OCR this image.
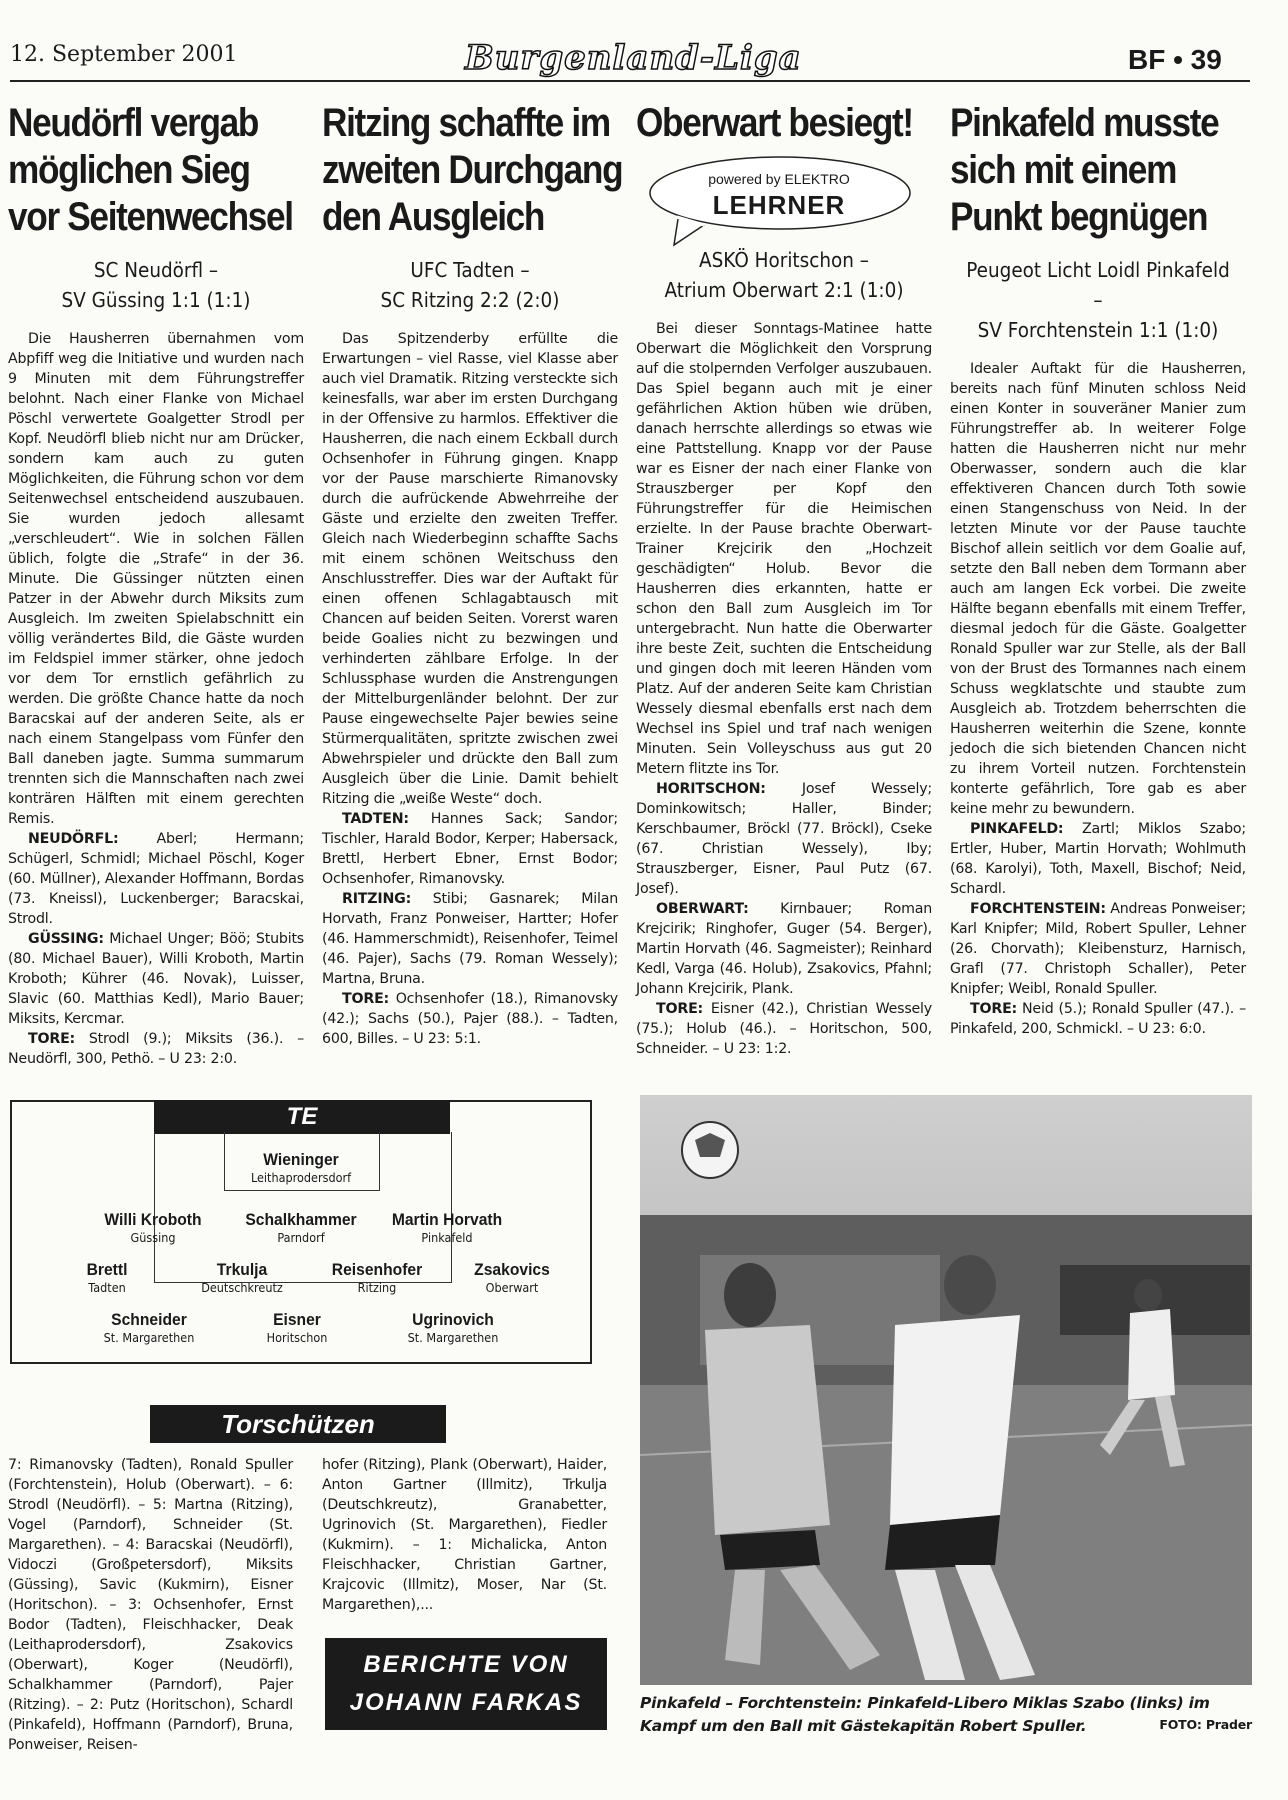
12. September 2001	Burgenland-Liga	BF • 39
Neudörfl vergab
möglichen Sieg
vor Seitenwechsel
SC Neudörfl –
SV Güssing 1:1 (1:1)

Die Hausherren übernahmen vom Abpfiff weg die Initiative und wurden nach 9 Minuten mit dem Führungstreffer belohnt. Nach einer Flanke von Michael Pöschl verwertete Goalgetter Strodl per Kopf. Neudörfl blieb nicht nur am Drücker, sondern kam auch zu guten Möglichkeiten, die Führung schon vor dem Seitenwechsel entscheidend auszubauen. Sie wurden jedoch allesamt „verschleudert“. Wie in solchen Fällen üblich, folgte die „Strafe“ in der 36. Minute. Die Güssinger nützten einen Patzer in der Abwehr durch Miksits zum Ausgleich. Im zweiten Spielabschnitt ein völlig verändertes Bild, die Gäste wurden im Feldspiel immer stärker, ohne jedoch vor dem Tor ernstlich gefährlich zu werden. Die größte Chance hatte da noch Baracskai auf der anderen Seite, als er nach einem Stangelpass vom Fünfer den Ball daneben jagte. Summa summarum trennten sich die Mannschaften nach zwei konträren Hälften mit einem gerechten Remis.

NEUDÖRFL:	Aberl; Hermann; Schügerl, Schmidl; Michael Pöschl, Koger (60. Müllner), Alexander Hoffmann, Bordas (73. Kneissl), Luckenberger; Baracskai, Strodl.

GÜSSING: Michael Unger; Böö; Stubits (80. Michael Bauer), Willi Kroboth, Martin Kroboth; Kührer (46. Novak), Luisser, Slavic (60. Matthias Kedl), Mario Bauer; Miksits, Kercmar.

TORE: Strodl (9.); Miksits (36.). – Neudörfl, 300, Pethö. – U 23: 2:0.

Ritzing schaffte im
zweiten Durchgang
den Ausgleich
UFC Tadten –
SC Ritzing 2:2 (2:0)

Das Spitzenderby erfüllte die Erwartungen – viel Rasse, viel Klasse aber auch viel Dramatik. Ritzing versteckte sich keinesfalls, war aber im ersten Durchgang in der Offensive zu harmlos. Effektiver die Hausherren, die nach einem Eckball durch Ochsenhofer in Führung gingen. Knapp vor der Pause marschierte Rimanovsky durch die aufrückende Abwehrreihe der Gäste und erzielte den zweiten Treffer. Gleich nach Wiederbeginn schaffte Sachs mit einem schönen Weitschuss den Anschlusstreffer. Dies war der Auftakt für einen offenen Schlagabtausch mit Chancen auf beiden Seiten. Vorerst waren beide Goalies nicht zu bezwingen und verhinderten zählbare Erfolge. In der Schlussphase wurden die Anstrengungen der Mittelburgenländer belohnt. Der zur Pause eingewechselte Pajer bewies seine Stürmerqualitäten, spritzte zwischen zwei Abwehrspieler und drückte den Ball zum Ausgleich über die Linie. Damit behielt Ritzing die „weiße Weste“ doch.

TADTEN: Hannes Sack; Sandor; Tischler, Harald Bodor, Kerper; Habersack, Brettl, Herbert Ebner, Ernst Bodor; Ochsenhofer, Rimanovsky.

RITZING: Stibi; Gasnarek; Milan Horvath, Franz Ponweiser, Hartter; Hofer (46. Hammerschmidt), Reisenhofer, Teimel (46. Pajer), Sachs (79. Roman Wessely); Martna, Bruna.

TORE: Ochsenhofer (18.), Rimanovsky (42.); Sachs (50.), Pajer (88.). – Tadten, 600, Billes. – U 23: 5:1.

Oberwart besiegt!
powered by ELEKTRO
LEHRNER
ASKÖ Horitschon –
Atrium Oberwart 2:1 (1:0)

Bei dieser Sonntags-Matinee hatte Oberwart die Möglichkeit den Vorsprung auf die stolpernden Verfolger auszubauen. Das Spiel begann auch mit je einer gefährlichen Aktion hüben wie drüben, danach herrschte allerdings so etwas wie eine Pattstellung. Knapp vor der Pause war es Eisner der nach einer Flanke von Strauszberger per Kopf den Führungstreffer für die Heimischen erzielte. In der Pause brachte Oberwart-Trainer Krejcirik den „Hochzeit geschädigten“ Holub. Bevor die Hausherren dies erkannten, hatte er schon den Ball zum Ausgleich im Tor untergebracht. Nun hatte die Oberwarter ihre beste Zeit, suchten die Entscheidung und gingen doch mit leeren Händen vom Platz. Auf der anderen Seite kam Christian Wessely diesmal ebenfalls erst nach dem Wechsel ins Spiel und traf nach wenigen Minuten. Sein Volleyschuss aus gut 20 Metern flitzte ins Tor.

HORITSCHON:	Josef Wessely; Dominkowitsch; Haller, Binder; Kerschbaumer, Bröckl (77. Bröckl), Cseke (67. Christian Wessely), Iby; Strauszberger, Eisner, Paul Putz (67. Josef).

OBERWART: Kirnbauer; Roman Krejcirik; Ringhofer, Guger (54. Berger), Martin Horvath (46. Sagmeister); Reinhard Kedl, Varga (46. Holub), Zsakovics, Pfahnl; Johann Krejcirik, Plank.

TORE: Eisner (42.), Christian Wessely (75.); Holub (46.). – Horitschon, 500, Schneider. – U 23: 1:2.

Pinkafeld musste
sich mit einem
Punkt begnügen
Peugeot Licht Loidl Pinkafeld –
SV Forchtenstein 1:1 (1:0)

Idealer Auftakt für die Hausherren, bereits nach fünf Minuten schloss Neid einen Konter in souveräner Manier zum Führungstreffer ab. In weiterer Folge hatten die Hausherren nicht nur mehr Oberwasser, sondern auch die klar effektiveren Chancen durch Toth sowie einen Stangenschuss von Neid. In der letzten Minute vor der Pause tauchte Bischof allein seitlich vor dem Goalie auf, setzte den Ball neben dem Tormann aber auch am langen Eck vorbei. Die zweite Hälfte begann ebenfalls mit einem Treffer, diesmal jedoch für die Gäste. Goalgetter Ronald Spuller war zur Stelle, als der Ball von der Brust des Tormannes nach einem Schuss wegklatschte und staubte zum Ausgleich ab. Trotzdem beherrschten die Hausherren weiterhin die Szene, konnte jedoch die sich bietenden Chancen nicht zu ihrem Vorteil nutzen. Forchtenstein konterte gefährlich, Tore gab es aber keine mehr zu bewundern.

PINKAFELD: Zartl; Miklos Szabo; Ertler, Huber, Martin Horvath; Wohlmuth (68. Karolyi), Toth, Maxell, Bischof; Neid, Schardl.

FORCHTENSTEIN: Andreas Ponweiser; Karl Knipfer; Mild, Robert Spuller, Lehner (26. Chorvath); Kleibensturz, Harnisch, Grafl (77. Christoph Schaller), Peter Knipfer; Weibl, Ronald Spuller.

TORE: Neid (5.); Ronald Spuller (47.). – Pinkafeld, 200, Schmickl. – U 23: 6:0.

TE
Wieninger
Leithaprodersdorf
Willi Kroboth
Güssing
Schalkhammer
Parndorf
Martin Horvath
Pinkafeld
Brettl
Tadten
Trkulja
Deutschkreutz
Reisenhofer
Ritzing
Zsakovics
Oberwart
Schneider
St. Margarethen
Eisner
Horitschon
Ugrinovich
St. Margarethen
Torschützen
7: Rimanovsky (Tadten), Ronald Spuller (Forchtenstein), Holub (Oberwart). – 6: Strodl (Neudörfl). – 5: Martna (Ritzing), Vogel (Parndorf), Schneider (St. Margarethen). – 4: Baracskai (Neudörfl), Vidoczi (Großpetersdorf), Miksits (Güssing), Savic (Kukmirn), Eisner (Horitschon). – 3: Ochsenhofer, Ernst Bodor (Tadten), Fleischhacker, Deak (Leithaprodersdorf), Zsakovics (Oberwart), Koger (Neudörfl), Schalkhammer (Parndorf), Pajer (Ritzing). – 2: Putz (Horitschon), Schardl (Pinkafeld), Hoffmann (Parndorf), Bruna, Ponweiser, Reisen-
hofer (Ritzing), Plank (Oberwart), Haider, Anton Gartner (Illmitz), Trkulja (Deutschkreutz), Granabetter, Ugrinovich (St. Margarethen), Fiedler (Kukmirn). – 1: Michalicka, Anton Fleischhacker, Christian Gartner, Krajcovic (Illmitz), Moser, Nar (St. Margarethen),...
BERICHTE VON
JOHANN FARKAS	Pinkafeld – Forchtenstein: Pinkafeld-Libero Miklas Szabo (links) im Kampf um den Ball mit Gästekapitän Robert Spuller.	FOTO: Prader
